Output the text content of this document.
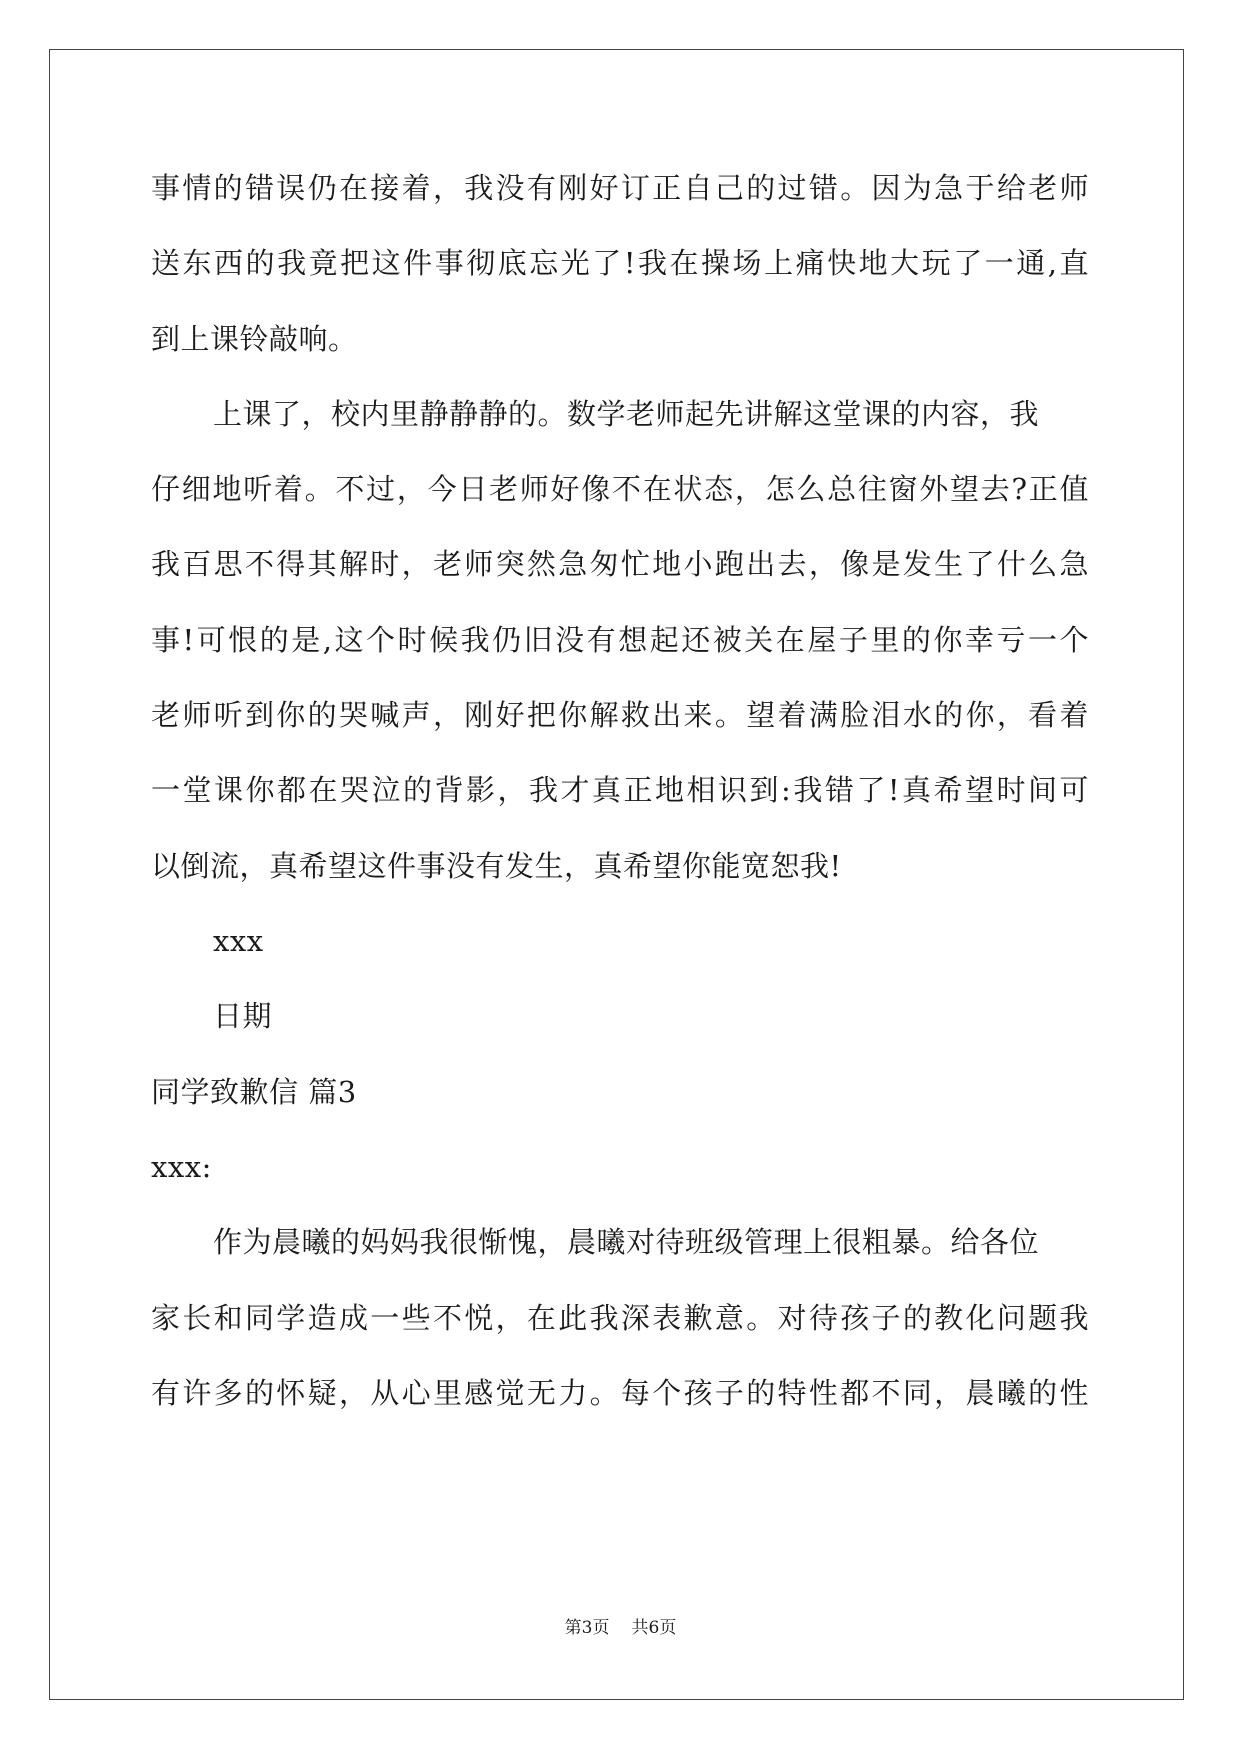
事情的错误仍在接着，我没有刚好订正自己的过错。因为急于给老师
送东西的我竟把这件事彻底忘光了!我在操场上痛快地大玩了一通,直
到上课铃敲响。
上课了，校内里静静静的。数学老师起先讲解这堂课的内容，我
仔细地听着。不过，今日老师好像不在状态，怎么总往窗外望去?正值
我百思不得其解时，老师突然急匆忙地小跑出去，像是发生了什么急
事!可恨的是,这个时候我仍旧没有想起还被关在屋子里的你幸亏一个
老师听到你的哭喊声，刚好把你解救出来。望着满脸泪水的你，看着
一堂课你都在哭泣的背影，我才真正地相识到:我错了!真希望时间可
以倒流，真希望这件事没有发生，真希望你能宽恕我!
xxx
日期
同学致歉信 篇3
xxx:
作为晨曦的妈妈我很惭愧，晨曦对待班级管理上很粗暴。给各位
家长和同学造成一些不悦，在此我深表歉意。对待孩子的教化问题我
有许多的怀疑，从心里感觉无力。每个孩子的特性都不同，晨曦的性
第3页 共6页
